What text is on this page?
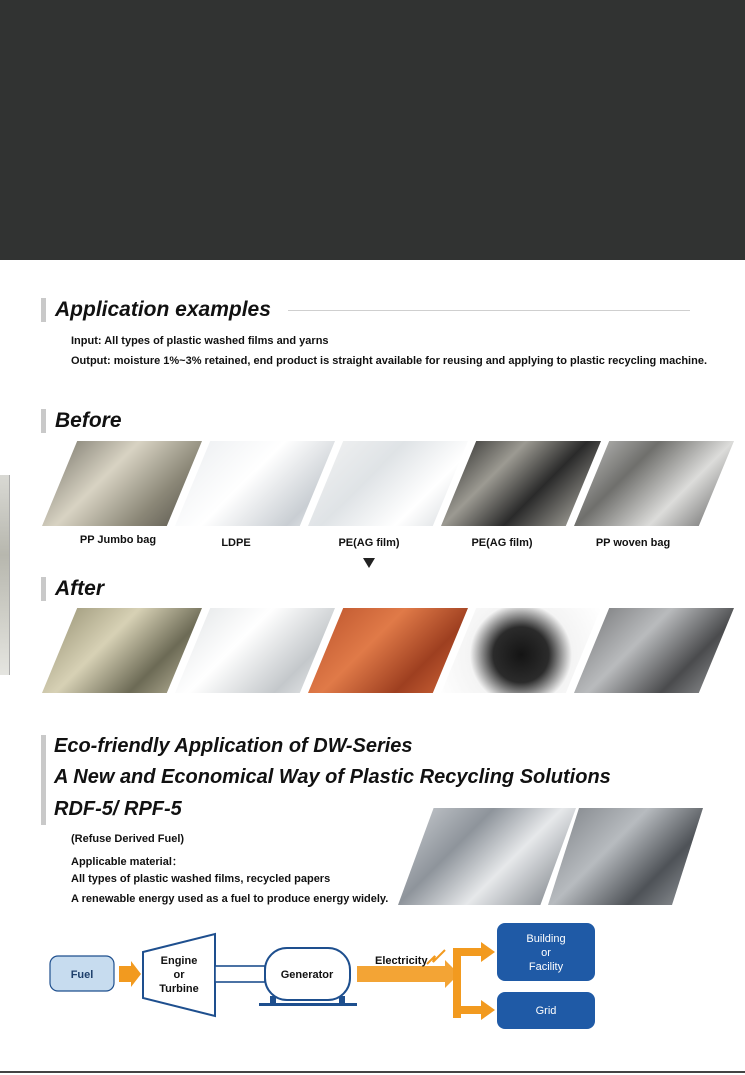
Application examples
Input: All types of plastic washed films and yarns
Output: moisture 1%~3% retained, end product is straight available for reusing and applying to plastic recycling machine.
Before
PP Jumbo bag	LDPE	PE(AG film)	PE(AG film)	PP woven bag
After
Eco-friendly Application of DW-Series
A New and Economical Way of Plastic Recycling Solutions
RDF-5/ RPF-5
(Refuse Derived Fuel)
Applicable material：
All types of plastic washed films, recycled papers
A renewable energy used as a fuel to produce energy widely.
Fuel
Engine
or
Turbine
Generator
Electricity
Building
or
Facility
Grid
